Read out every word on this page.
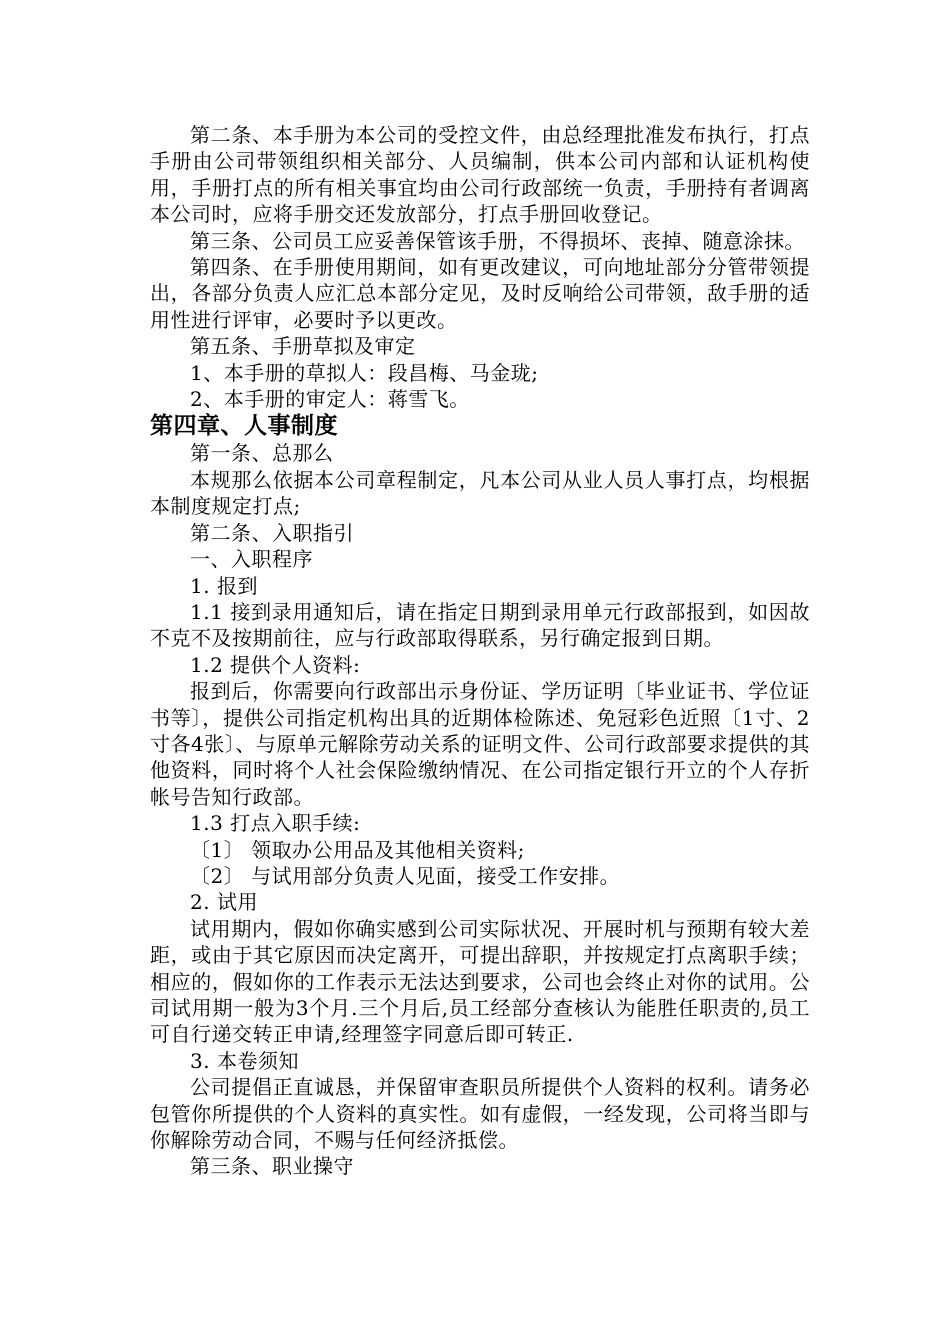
第二条、本手册为本公司的受控文件，由总经理批准发布执行，打点手册由公司带领组织相关部分、人员编制，供本公司内部和认证机构使用，手册打点的所有相关事宜均由公司行政部统一负责，手册持有者调离本公司时，应将手册交还发放部分，打点手册回收登记。

第三条、公司员工应妥善保管该手册，不得损坏、丧掉、随意涂抹。

第四条、在手册使用期间，如有更改建议，可向地址部分分管带领提出，各部分负责人应汇总本部分定见，及时反响给公司带领，敌手册的适用性进行评审，必要时予以更改。

第五条、手册草拟及审定

1、本手册的草拟人：段昌梅、马金珑;

2、本手册的审定人：蒋雪飞。

第四章、人事制度

第一条、总那么

本规那么依据本公司章程制定，凡本公司从业人员人事打点，均根据本制度规定打点;

第二条、入职指引

一、入职程序

1. 报到

1.1 接到录用通知后，请在指定日期到录用单元行政部报到，如因故不克不及按期前往，应与行政部取得联系，另行确定报到日期。

1.2 提供个人资料:

报到后，你需要向行政部出示身份证、学历证明〔毕业证书、学位证书等〕，提供公司指定机构出具的近期体检陈述、免冠彩色近照〔1寸、2寸各4张〕、与原单元解除劳动关系的证明文件、公司行政部要求提供的其他资料，同时将个人社会保险缴纳情况、在公司指定银行开立的个人存折帐号告知行政部。

1.3 打点入职手续:

〔1〕 领取办公用品及其他相关资料;

〔2〕 与试用部分负责人见面，接受工作安排。

2. 试用

试用期内，假如你确实感到公司实际状况、开展时机与预期有较大差距，或由于其它原因而决定离开，可提出辞职，并按规定打点离职手续；相应的，假如你的工作表示无法达到要求，公司也会终止对你的试用。公司试用期一般为3个月.三个月后,员工经部分查核认为能胜任职责的,员工可自行递交转正申请,经理签字同意后即可转正.

3. 本卷须知

公司提倡正直诚恳，并保留审查职员所提供个人资料的权利。请务必包管你所提供的个人资料的真实性。如有虚假，一经发现，公司将当即与你解除劳动合同，不赐与任何经济抵偿。

第三条、职业操守
